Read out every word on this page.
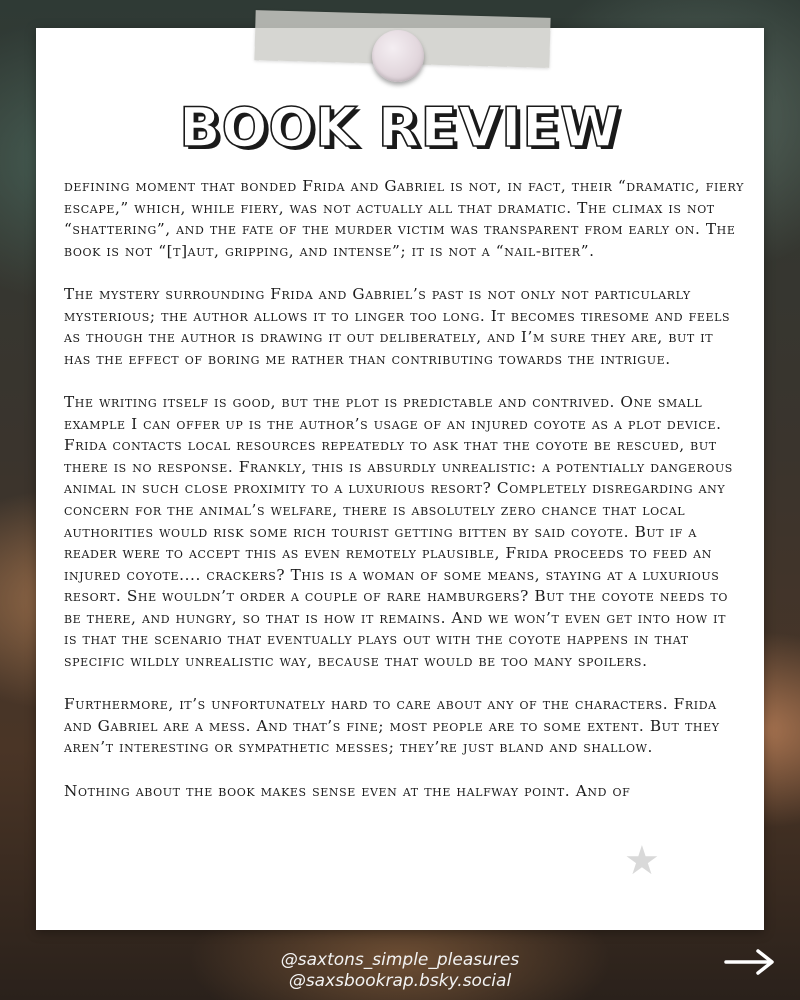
BOOK REVIEW

defining moment that bonded Frida and Gabriel is not, in fact, their “dramatic, fiery escape,” which, while fiery, was not actually all that dramatic. The climax is not “shattering”, and the fate of the murder victim was transparent from early on. The book is not “[t]aut, gripping, and intense”; it is not a “nail-biter”.

The mystery surrounding Frida and Gabriel’s past is not only not particularly mysterious; the author allows it to linger too long. It becomes tiresome and feels as though the author is drawing it out deliberately, and I’m sure they are, but it has the effect of boring me rather than contributing towards the intrigue.

The writing itself is good, but the plot is predictable and contrived. One small example I can offer up is the author’s usage of an injured coyote as a plot device. Frida contacts local resources repeatedly to ask that the coyote be rescued, but there is no response. Frankly, this is absurdly unrealistic: a potentially dangerous animal in such close proximity to a luxurious resort? Completely disregarding any concern for the animal’s welfare, there is absolutely zero chance that local authorities would risk some rich tourist getting bitten by said coyote. But if a reader were to accept this as even remotely plausible, Frida proceeds to feed an injured coyote.... crackers? This is a woman of some means, staying at a luxurious resort. She wouldn’t order a couple of rare hamburgers? But the coyote needs to be there, and hungry, so that is how it remains. And we won’t even get into how it is that the scenario that eventually plays out with the coyote happens in that specific wildly unrealistic way, because that would be too many spoilers.

Furthermore, it’s unfortunately hard to care about any of the characters. Frida and Gabriel are a mess. And that’s fine; most people are to some extent. But they aren’t interesting or sympathetic messes; they’re just bland and shallow.

Nothing about the book makes sense even at the halfway point. And of

★
@saxtons_simple_pleasures
@saxsbookrap.bsky.social
